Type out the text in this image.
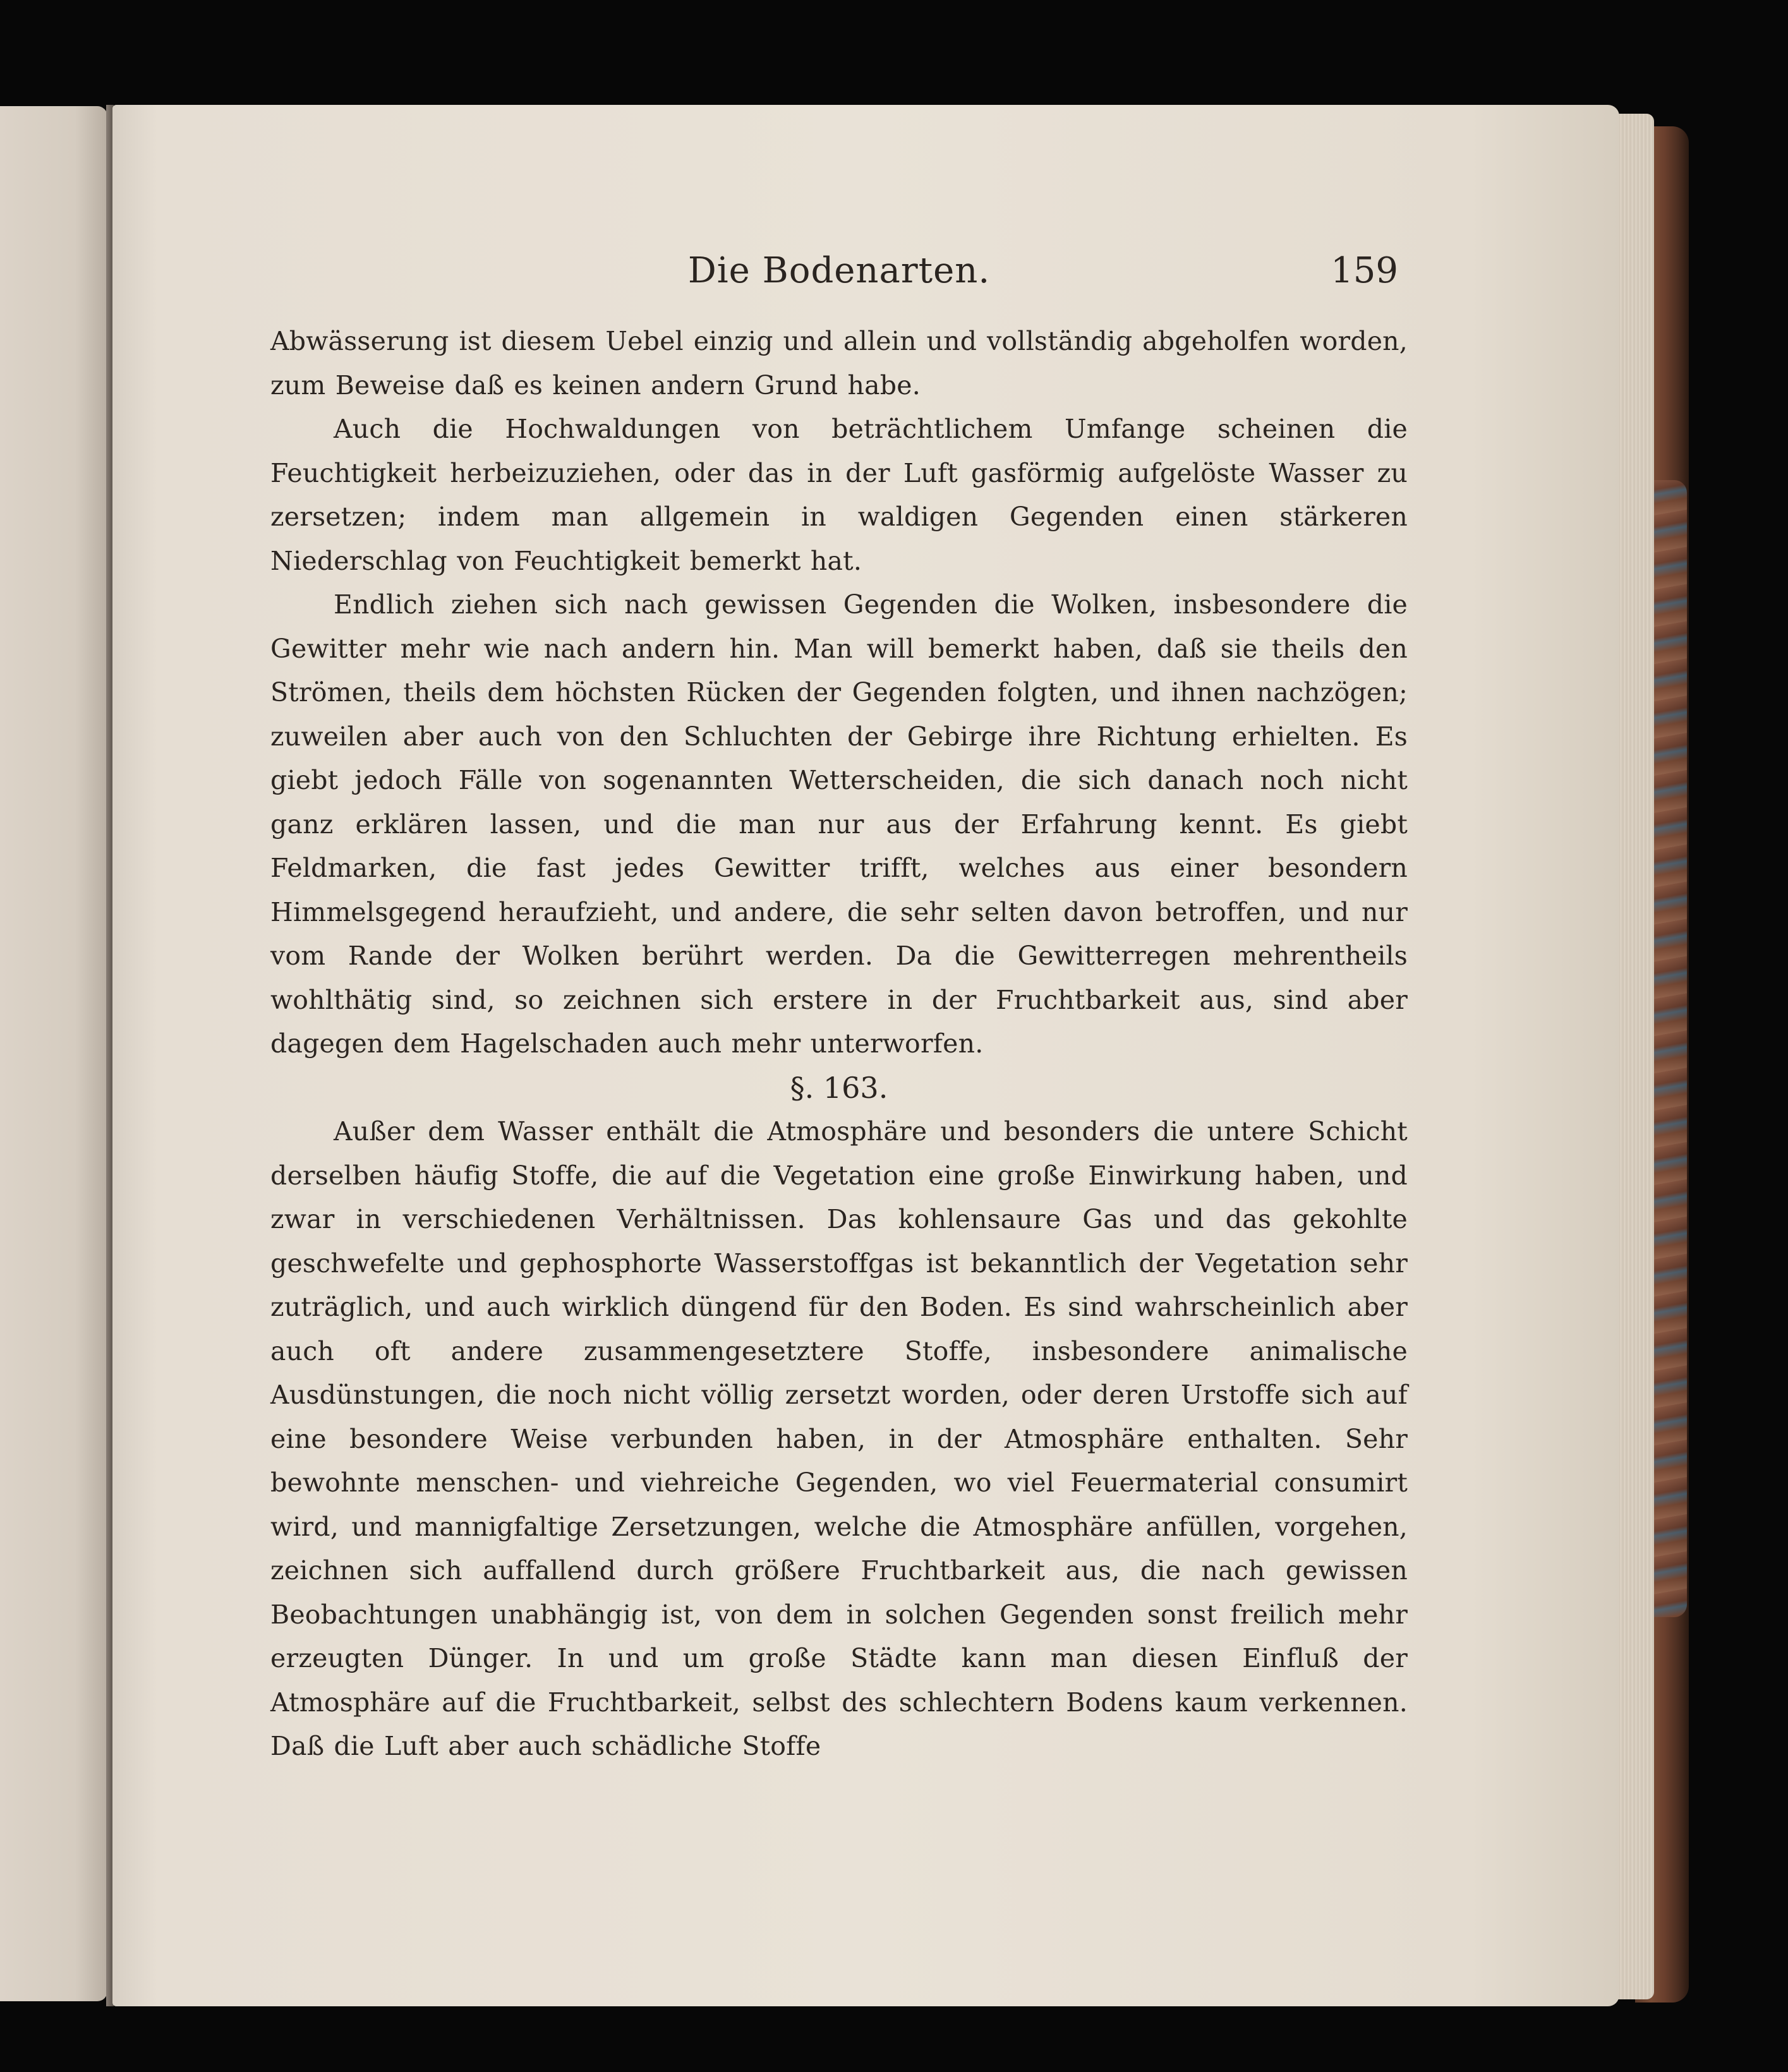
Die Bodenarten.	159

Abwässerung ist diesem Uebel einzig und allein und vollständig abgeholfen worden, zum Beweise daß es keinen andern Grund habe.

Auch die Hochwaldungen von beträchtlichem Umfange scheinen die Feuchtigkeit herbeizuziehen, oder das in der Luft gasförmig aufgelöste Wasser zu zersetzen; indem man allgemein in waldigen Gegenden einen stärkeren Niederschlag von Feuchtigkeit bemerkt hat.

Endlich ziehen sich nach gewissen Gegenden die Wolken, insbesondere die Gewitter mehr wie nach andern hin. Man will bemerkt haben, daß sie theils den Strömen, theils dem höchsten Rücken der Gegenden folgten, und ihnen nachzögen; zuweilen aber auch von den Schluchten der Gebirge ihre Richtung erhielten. Es giebt jedoch Fälle von sogenannten Wetterscheiden, die sich danach noch nicht ganz erklären lassen, und die man nur aus der Erfahrung kennt. Es giebt Feldmarken, die fast jedes Gewitter trifft, welches aus einer besondern Himmelsgegend heraufzieht, und andere, die sehr selten davon betroffen, und nur vom Rande der Wolken berührt werden. Da die Gewitterregen mehrentheils wohlthätig sind, so zeichnen sich erstere in der Fruchtbarkeit aus, sind aber dagegen dem Hagelschaden auch mehr unterworfen.

§. 163.

Außer dem Wasser enthält die Atmosphäre und besonders die untere Schicht derselben häufig Stoffe, die auf die Vegetation eine große Einwirkung haben, und zwar in verschiedenen Verhältnissen. Das kohlensaure Gas und das gekohlte geschwefelte und gephosphorte Wasserstoffgas ist bekanntlich der Vegetation sehr zuträglich, und auch wirklich düngend für den Boden. Es sind wahrscheinlich aber auch oft andere zusammengesetztere Stoffe, insbesondere animalische Ausdünstungen, die noch nicht völlig zersetzt worden, oder deren Urstoffe sich auf eine besondere Weise verbunden haben, in der Atmosphäre enthalten. Sehr bewohnte menschen- und viehreiche Gegenden, wo viel Feuermaterial consumirt wird, und mannigfaltige Zersetzungen, welche die Atmosphäre anfüllen, vorgehen, zeichnen sich auffallend durch größere Fruchtbarkeit aus, die nach gewissen Beobachtungen unabhängig ist, von dem in solchen Gegenden sonst freilich mehr erzeugten Dünger. In und um große Städte kann man diesen Einfluß der Atmosphäre auf die Fruchtbarkeit, selbst des schlechtern Bodens kaum verkennen. Daß die Luft aber auch schädliche Stoffe
